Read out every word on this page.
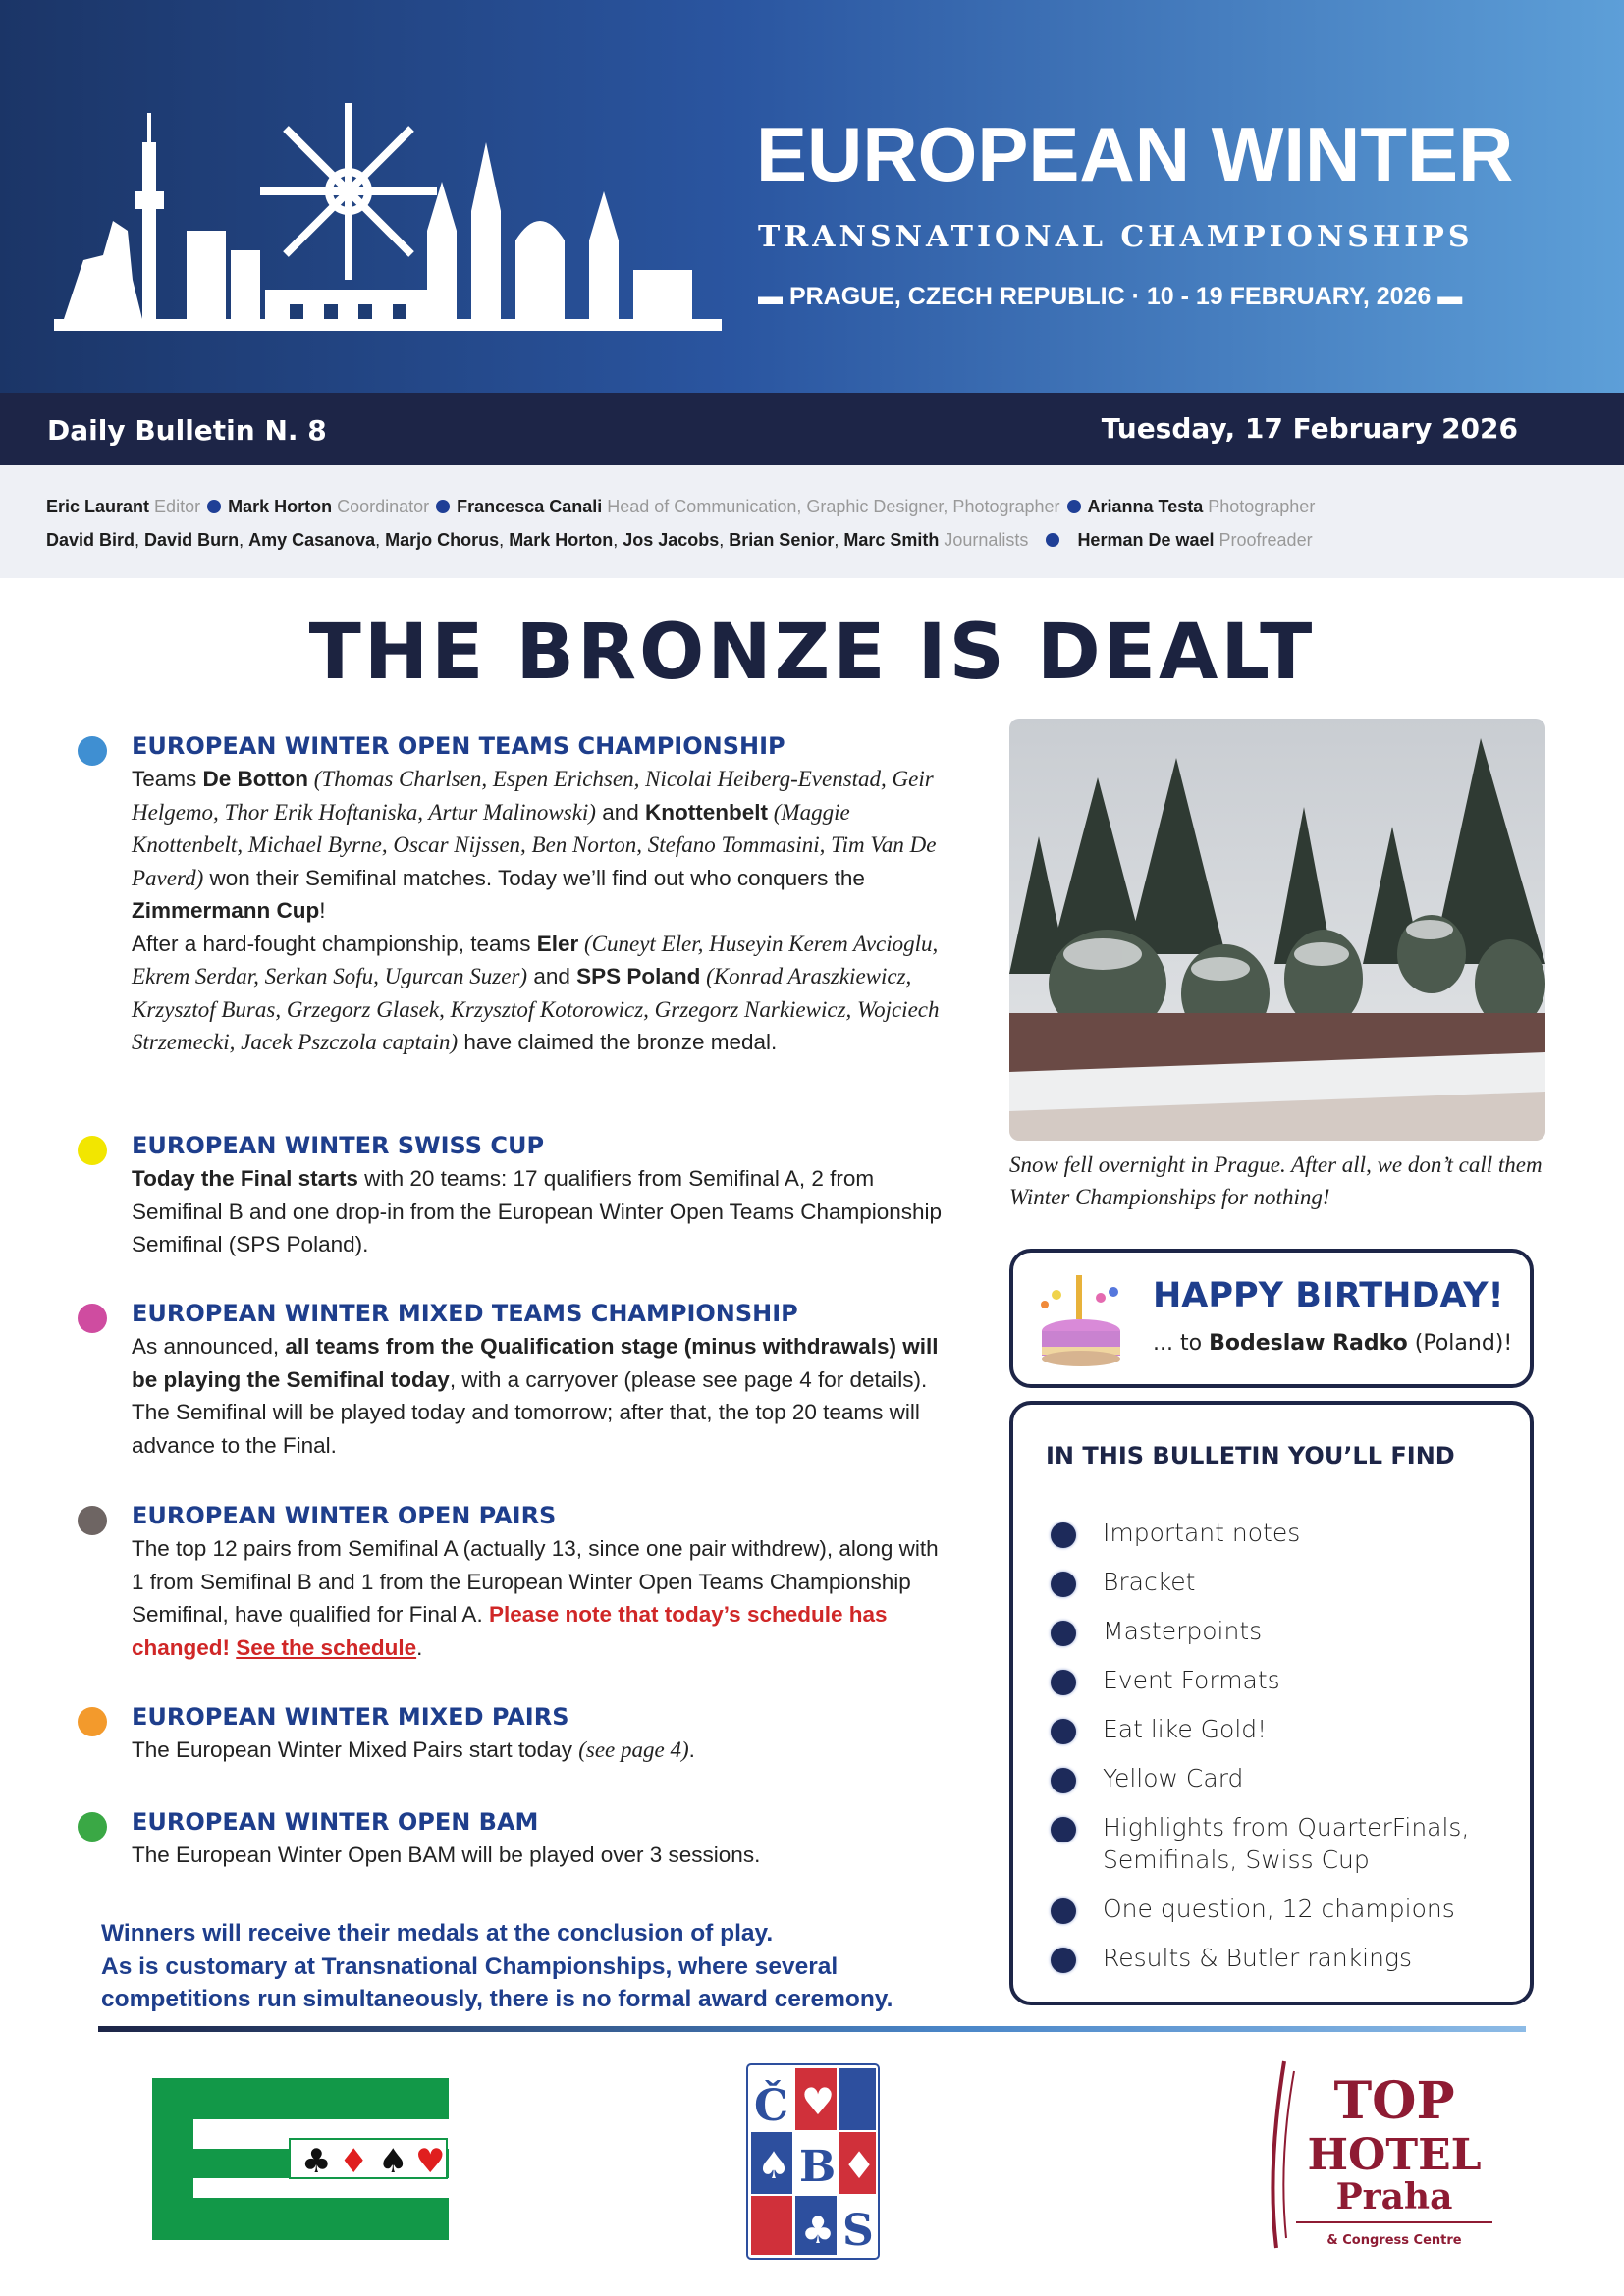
EUROPEAN WINTER
TRANSNATIONAL CHAMPIONSHIPS
▬ PRAGUE, CZECH REPUBLIC · 10 - 19 FEBRUARY, 2026 ▬
Daily Bulletin N. 8	Tuesday, 17 February 2026
Eric Laurant Editor Mark Horton Coordinator Francesca Canali Head of Communication, Graphic Designer, Photographer Arianna Testa Photographer
David Bird, David Burn, Amy Casanova, Marjo Chorus, Mark Horton, Jos Jacobs, Brian Senior, Marc Smith Journalists	Herman De wael Proofreader
THE BRONZE IS DEALT
EUROPEAN WINTER OPEN TEAMS CHAMPIONSHIP

Teams De Botton (Thomas Charlsen, Espen Erichsen, Nicolai Heiberg-Evenstad, Geir Helgemo, Thor Erik Hoftaniska, Artur Malinowski) and Knottenbelt (Maggie Knottenbelt, Michael Byrne, Oscar Nijssen, Ben Norton, Stefano Tommasini, Tim Van De Paverd) won their Semifinal matches. Today we’ll find out who conquers the Zimmermann Cup!
After a hard-fought championship, teams Eler (Cuneyt Eler, Huseyin Kerem Avcioglu, Ekrem Serdar, Serkan Sofu, Ugurcan Suzer) and SPS Poland (Konrad Araszkiewicz, Krzysztof Buras, Grzegorz Glasek, Krzysztof Kotorowicz, Grzegorz Narkiewicz, Wojciech Strzemecki, Jacek Pszczola captain) have claimed the bronze medal.

EUROPEAN WINTER SWISS CUP

Today the Final starts with 20 teams: 17 qualifiers from Semifinal A, 2 from Semifinal B and one drop-in from the European Winter Open Teams Championship Semifinal (SPS Poland).

EUROPEAN WINTER MIXED TEAMS CHAMPIONSHIP

As announced, all teams from the Qualification stage (minus withdrawals) will be playing the Semifinal today, with a carryover (please see page 4 for details). The Semifinal will be played today and tomorrow; after that, the top 20 teams will advance to the Final.

EUROPEAN WINTER OPEN PAIRS

The top 12 pairs from Semifinal A (actually 13, since one pair withdrew), along with 1 from Semifinal B and 1 from the European Winter Open Teams Championship Semifinal, have qualified for Final A. Please note that today’s schedule has changed! See the schedule.

EUROPEAN WINTER MIXED PAIRS

The European Winter Mixed Pairs start today (see page 4).

EUROPEAN WINTER OPEN BAM

The European Winter Open BAM will be played over 3 sessions.

Winners will receive their medals at the conclusion of play.
As is customary at Transnational Championships, where several competitions run simultaneously, there is no formal award ceremony.
Snow fell overnight in Prague. After all, we don’t call them Winter Championships for nothing!
HAPPY BIRTHDAY!

... to Bodeslaw Radko (Poland)!

IN THIS BULLETIN YOU’LL FIND
Important notes
Bracket
Masterpoints
Event Formats
Eat like Gold!
Yellow Card
Highlights from QuarterFinals, Semifinals, Swiss Cup
One question, 12 champions
Results & Butler rankings
♣ ♦ ♠ ♥
Č
B
S
♥
♠ ♦
♣
TOP
HOTEL
Praha
& Congress Centre
